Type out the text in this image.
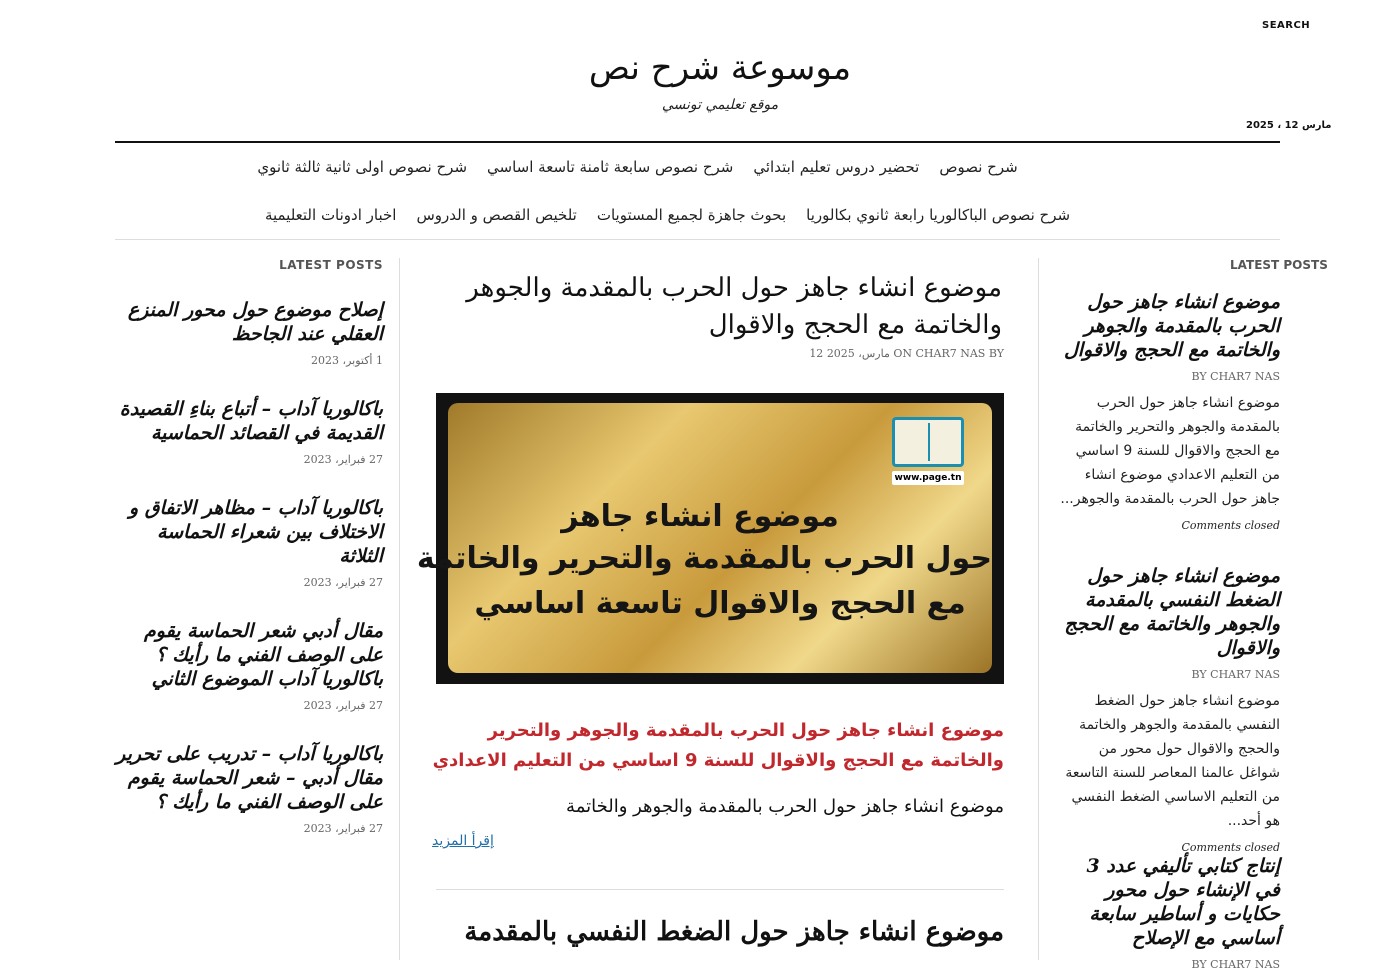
SEARCH
2025 ، مارس 12
موسوعة شرح نص
موقع تعليمي تونسي
شرح نصوص
تحضير دروس تعليم ابتدائي
شرح نصوص سابعة ثامنة تاسعة اساسي
شرح نصوص اولى ثانية ثالثة ثانوي
شرح نصوص الباكالوريا رابعة ثانوي بكالوريا
بحوث جاهزة لجميع المستويات
تلخيص القصص و الدروس
اخبار ادونات التعليمية
LATEST POSTS
إصلاح موضوع حول محور المنزع العقلي عند الجاحظ
1 أكتوبر، 2023
باكالوريا آداب – أتباع بناءِ القصيدة القديمة في القصائد الحماسية
27 فبراير، 2023
باكالوريا آداب – مظاهر الاتفاق و الاختلاف بين شعراء الحماسة الثلاثة
27 فبراير، 2023
مقال أدبي شعر الحماسة يقوم على الوصف الفني ما رأيك ؟ باكالوريا آداب الموضوع الثاني
27 فبراير، 2023
باكالوريا آداب – تدريب على تحرير مقال أدبي – شعر الحماسة يقوم على الوصف الفني ما رأيك ؟
27 فبراير، 2023
موضوع انشاء جاهز حول الحرب بالمقدمة والجوهر والخاتمة مع الحجج والاقوال
BY CHAR7 NAS ON 12 مارس، 2025
www.page.tn
موضوع انشاء جاهز
حول الحرب بالمقدمة والتحرير والخاتمة
مع الحجج والاقوال تاسعة اساسي

موضوع انشاء جاهز حول الحرب بالمقدمة والجوهر والتحرير والخاتمة مع الحجج والاقوال للسنة 9 اساسي من التعليم الاعدادي

موضوع انشاء جاهز حول الحرب بالمقدمة والجوهر والخاتمة

إقرأ المزيد
موضوع انشاء جاهز حول الضغط النفسي بالمقدمة
LATEST POSTS
موضوع انشاء جاهز حول الحرب بالمقدمة والجوهر والخاتمة مع الحجج والاقوال
BY CHAR7 NAS
موضوع انشاء جاهز حول الحرب بالمقدمة والجوهر والتحرير والخاتمة مع الحجج والاقوال للسنة 9 اساسي من التعليم الاعدادي موضوع انشاء جاهز حول الحرب بالمقدمة والجوهر...
Comments closed
موضوع انشاء جاهز حول الضغط النفسي بالمقدمة والجوهر والخاتمة مع الحجج والاقوال
BY CHAR7 NAS
موضوع انشاء جاهز حول الضغط النفسي بالمقدمة والجوهر والخاتمة والحجج والاقوال حول محور من شواغل عالمنا المعاصر للسنة التاسعة من التعليم الاساسي الضغط النفسي هو أحد...
Comments closed
إنتاج كتابي تأليفي عدد 3 في الإنشاء حول محور حكايات و أساطير سابعة أساسي مع الإصلاح
BY CHAR7 NAS
